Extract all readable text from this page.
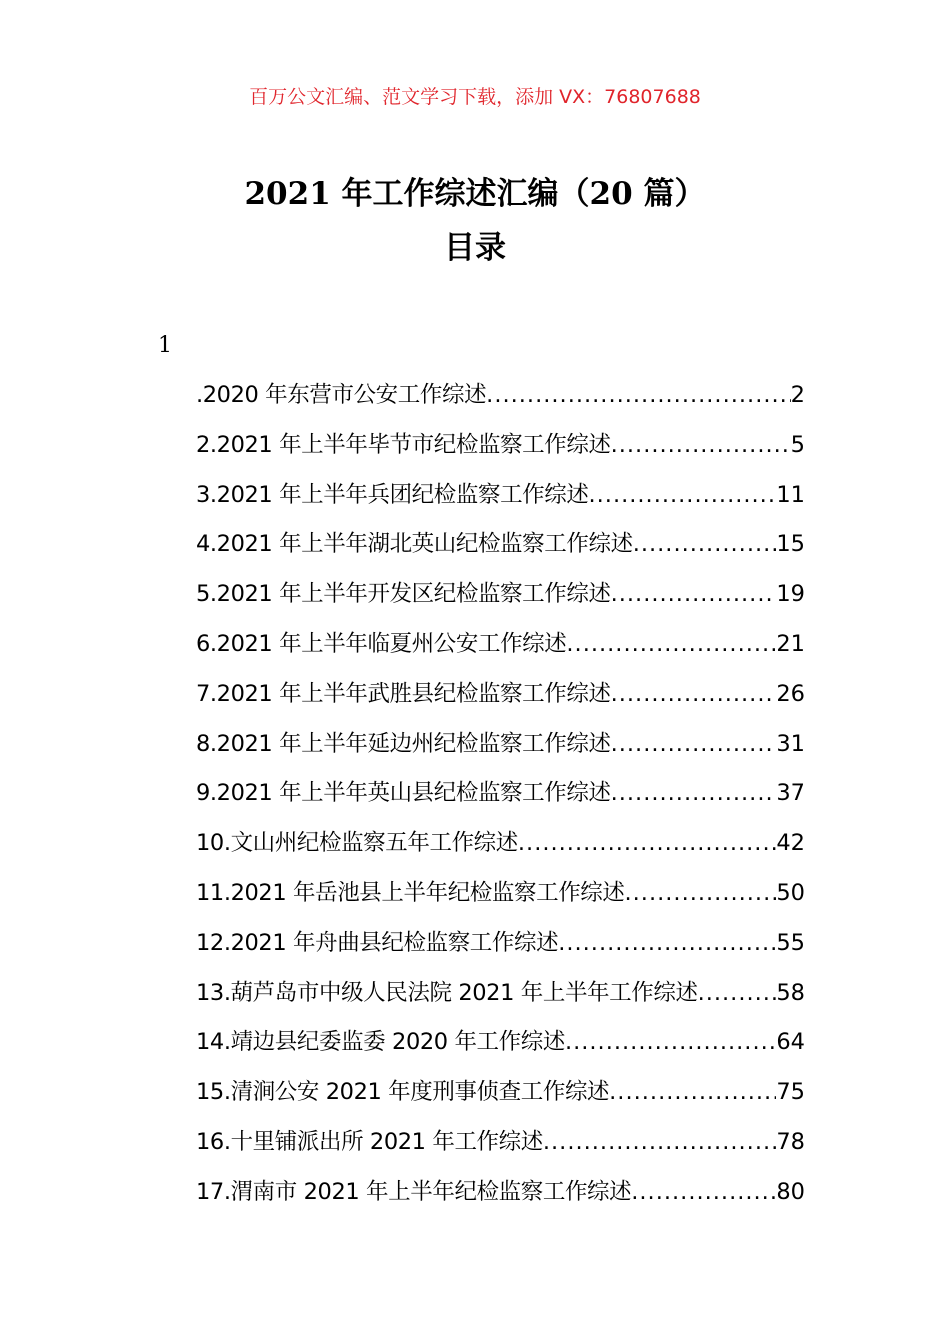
百万公文汇编、范文学习下载，添加 VX：76807688
2021 年工作综述汇编（20 篇）
目录
1
.2020 年东营市公安工作综述 .....	2
2.2021 年上半年毕节市纪检监察工作综述 .....	5
3.2021 年上半年兵团纪检监察工作综述 .....	11
4.2021 年上半年湖北英山纪检监察工作综述 .....	15
5.2021 年上半年开发区纪检监察工作综述 .....	19
6.2021 年上半年临夏州公安工作综述 .....	21
7.2021 年上半年武胜县纪检监察工作综述 .....	26
8.2021 年上半年延边州纪检监察工作综述 .....	31
9.2021 年上半年英山县纪检监察工作综述 .....	37
10.文山州纪检监察五年工作综述 .....	42
11.2021 年岳池县上半年纪检监察工作综述 .....	50
12.2021 年舟曲县纪检监察工作综述 .....	55
13.葫芦岛市中级人民法院 2021 年上半年工作综述 .....	58
14.靖边县纪委监委 2020 年工作综述 .....	64
15.清涧公安 2021 年度刑事侦查工作综述 .....	75
16.十里铺派出所 2021 年工作综述 .....	78
17.渭南市 2021 年上半年纪检监察工作综述 .....	80
